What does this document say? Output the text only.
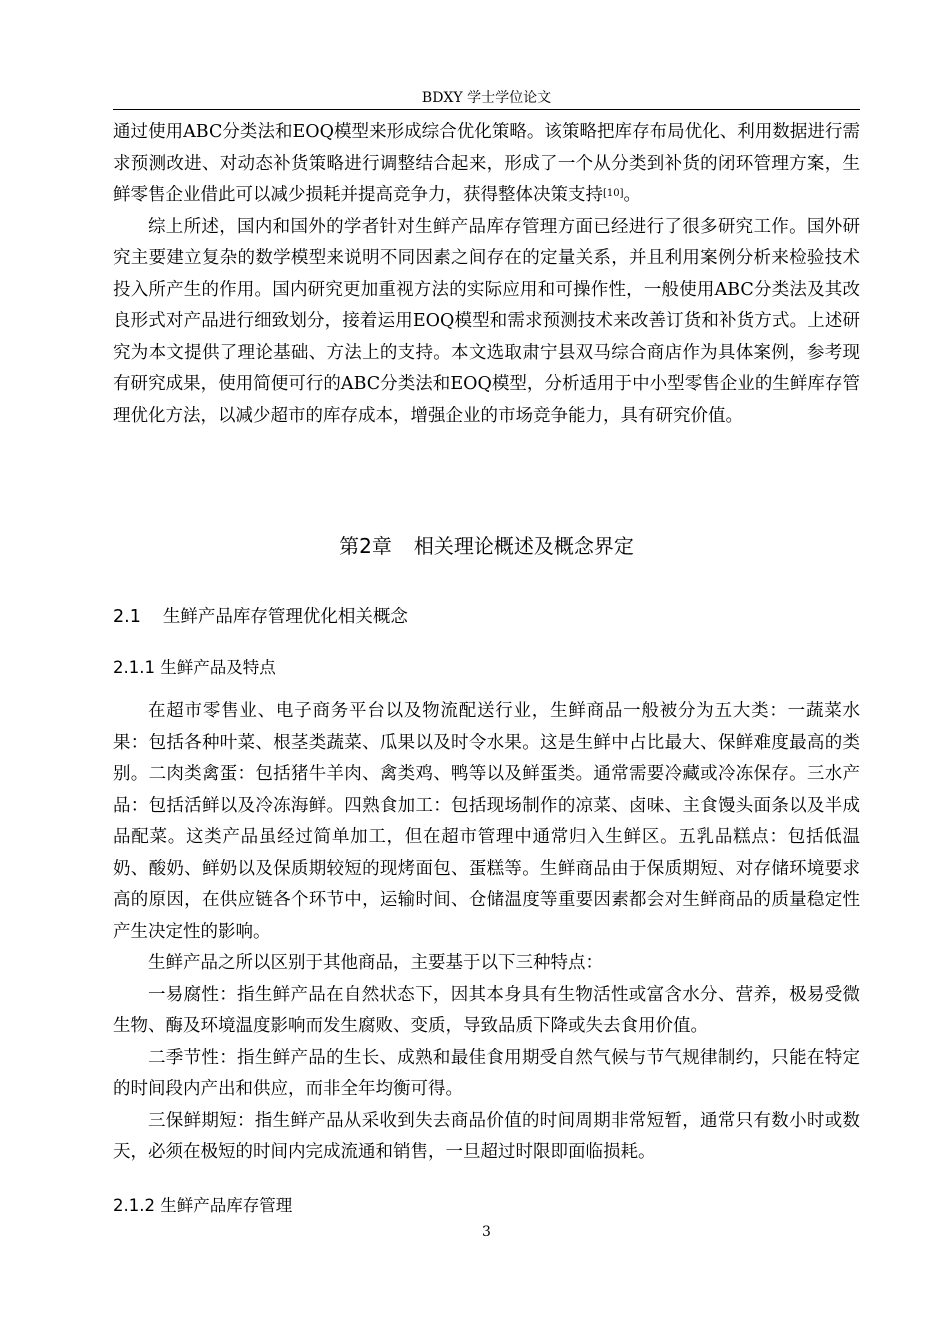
BDXY 学士学位论文

通过使用ABC分类法和EOQ模型来形成综合优化策略。该策略把库存布局优化、利用数据进行需求预测改进、对动态补货策略进行调整结合起来，形成了一个从分类到补货的闭环管理方案，生鲜零售企业借此可以减少损耗并提高竞争力，获得整体决策支持[10]。

综上所述，国内和国外的学者针对生鲜产品库存管理方面已经进行了很多研究工作。国外研究主要建立复杂的数学模型来说明不同因素之间存在的定量关系，并且利用案例分析来检验技术投入所产生的作用。国内研究更加重视方法的实际应用和可操作性，一般使用ABC分类法及其改良形式对产品进行细致划分，接着运用EOQ模型和需求预测技术来改善订货和补货方式。上述研究为本文提供了理论基础、方法上的支持。本文选取肃宁县双马综合商店作为具体案例，参考现有研究成果，使用简便可行的ABC分类法和EOQ模型，分析适用于中小型零售企业的生鲜库存管理优化方法，以减少超市的库存成本，增强企业的市场竞争能力，具有研究价值。

第2章 相关理论概述及概念界定
2.1 生鲜产品库存管理优化相关概念
2.1.1 生鲜产品及特点

在超市零售业、电子商务平台以及物流配送行业，生鲜商品一般被分为五大类：一蔬菜水果：包括各种叶菜、根茎类蔬菜、瓜果以及时令水果。这是生鲜中占比最大、保鲜难度最高的类别。二肉类禽蛋：包括猪牛羊肉、禽类鸡、鸭等以及鲜蛋类。通常需要冷藏或冷冻保存。三水产品：包括活鲜以及冷冻海鲜。四熟食加工：包括现场制作的凉菜、卤味、主食馒头面条以及半成品配菜。这类产品虽经过简单加工，但在超市管理中通常归入生鲜区。五乳品糕点：包括低温奶、酸奶、鲜奶以及保质期较短的现烤面包、蛋糕等。生鲜商品由于保质期短、对存储环境要求高的原因，在供应链各个环节中，运输时间、仓储温度等重要因素都会对生鲜商品的质量稳定性产生决定性的影响。

生鲜产品之所以区别于其他商品，主要基于以下三种特点：

一易腐性：指生鲜产品在自然状态下，因其本身具有生物活性或富含水分、营养，极易受微生物、酶及环境温度影响而发生腐败、变质，导致品质下降或失去食用价值。

二季节性：指生鲜产品的生长、成熟和最佳食用期受自然气候与节气规律制约，只能在特定的时间段内产出和供应，而非全年均衡可得。

三保鲜期短：指生鲜产品从采收到失去商品价值的时间周期非常短暂，通常只有数小时或数天，必须在极短的时间内完成流通和销售，一旦超过时限即面临损耗。

2.1.2 生鲜产品库存管理
3
